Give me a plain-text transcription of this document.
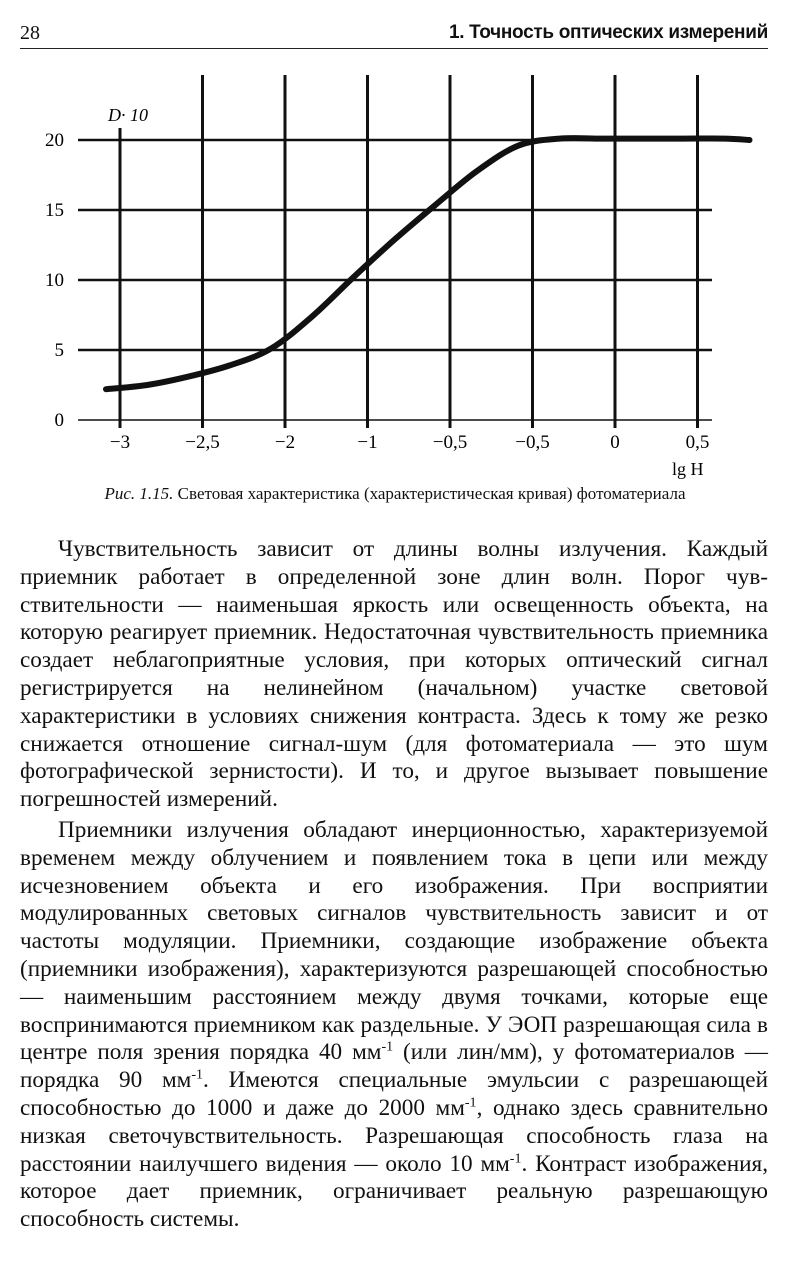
28	1. Точность оптических измерений
0
5
10
15
20
−3	−2,5	−2	−1	−0,5	−0,5	0	0,5
D· 10
lg H
Рис. 1.15. Световая характеристика (характеристическая кривая) фотоматериала

Чувствительность зависит от длины волны излучения. Каждый приемник работает в определенной зоне длин волн. Порог чувствительности — наименьшая яркость или освещенность объекта, на которую реагирует приемник. Недостаточная чувствительность приемника создает неблагоприятные условия, при которых оптический сигнал регистрируется на нелинейном (начальном) участке световой характеристики в условиях снижения контраста. Здесь к тому же резко снижается отношение сигнал-шум (для фотоматериала — это шум фотографической зернистости). И то, и другое вызывает повышение погрешностей измерений.

Приемники излучения обладают инерционностью, характеризуемой временем между облучением и появлением тока в цепи или между исчезновением объекта и его изображения. При восприятии модулированных световых сигналов чувствительность зависит и от частоты модуляции. Приемники, создающие изображение объекта (приемники изображения), характеризуются разрешающей способностью — наименьшим расстоянием между двумя точками, которые еще воспринимаются приемником как раздельные. У ЭОП разрешающая сила в центре поля зрения порядка 40 $мм^{-1}$ (или лин/мм), у фотоматериалов — порядка 90 $мм^{-1}$. Имеются специальные эмульсии с разрешающей способностью до 1000 и даже до 2000 $мм^{-1}$, однако здесь сравнительно низкая светочувствительность. Разрешающая способность глаза на расстоянии наилучшего видения — около 10 $мм^{-1}$. Контраст изображения, которое дает приемник, ограничивает реальную разрешающую способность системы.
